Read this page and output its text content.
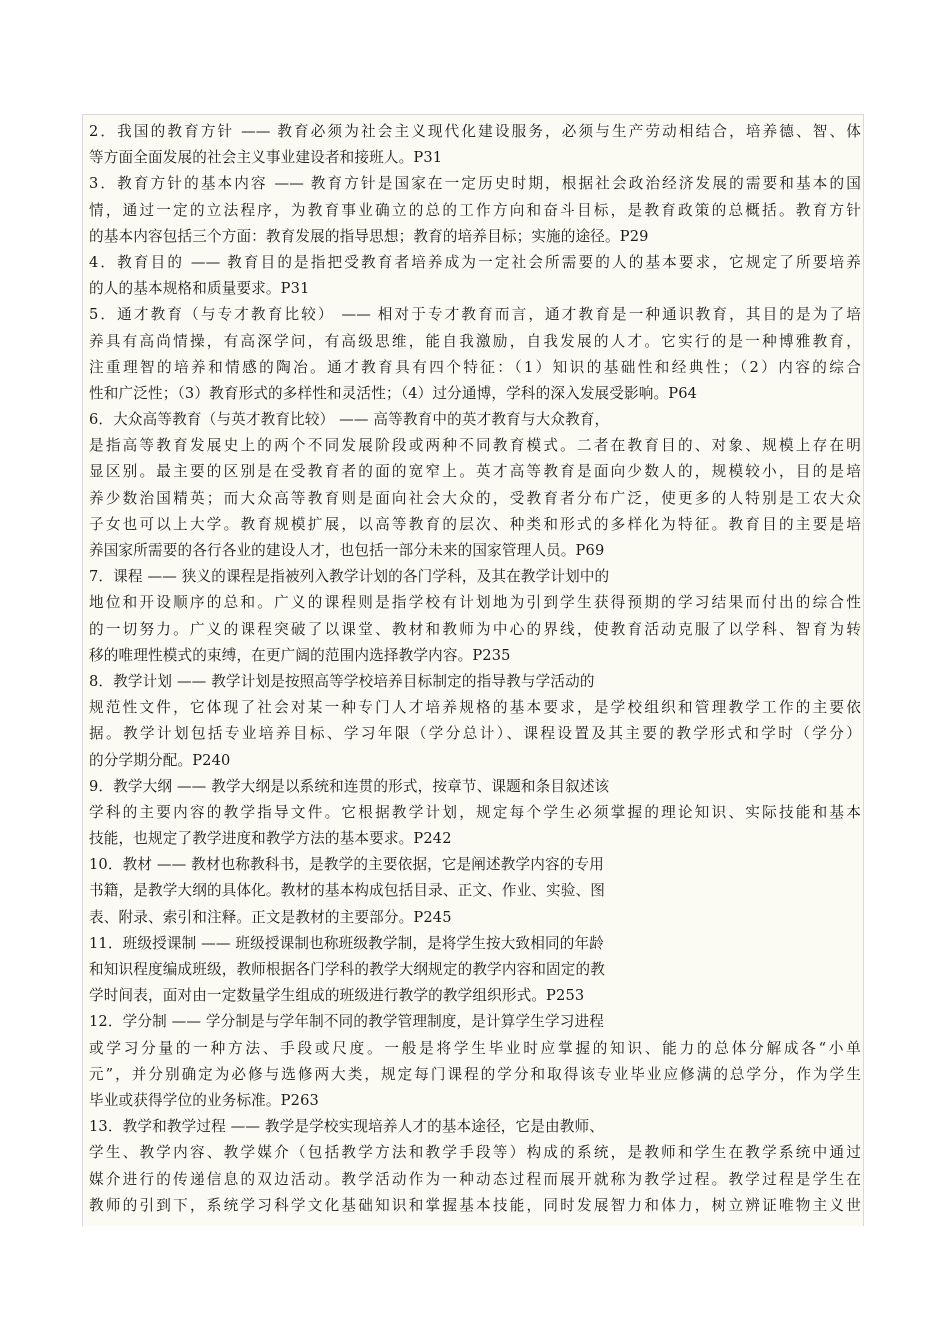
2．我国的教育方针 —— 教育必须为社会主义现代化建设服务，必须与生产劳动相结合，培养德、智、体
等方面全面发展的社会主义事业建设者和接班人。P31
3．教育方针的基本内容 —— 教育方针是国家在一定历史时期，根据社会政治经济发展的需要和基本的国
情，通过一定的立法程序，为教育事业确立的总的工作方向和奋斗目标，是教育政策的总概括。教育方针
的基本内容包括三个方面：教育发展的指导思想；教育的培养目标；实施的途径。P29
4．教育目的 —— 教育目的是指把受教育者培养成为一定社会所需要的人的基本要求，它规定了所要培养
的人的基本规格和质量要求。P31
5．通才教育（与专才教育比较） —— 相对于专才教育而言，通才教育是一种通识教育，其目的是为了培
养具有高尚情操，有高深学问，有高级思维，能自我激励，自我发展的人才。它实行的是一种博雅教育，
注重理智的培养和情感的陶冶。通才教育具有四个特征：（1）知识的基础性和经典性；（2）内容的综合
性和广泛性；（3）教育形式的多样性和灵活性；（4）过分通博，学科的深入发展受影响。P64
6．大众高等教育（与英才教育比较） —— 高等教育中的英才教育与大众教育，
是指高等教育发展史上的两个不同发展阶段或两种不同教育模式。二者在教育目的、对象、规模上存在明
显区别。最主要的区别是在受教育者的面的宽窄上。英才高等教育是面向少数人的，规模较小，目的是培
养少数治国精英；而大众高等教育则是面向社会大众的，受教育者分布广泛，使更多的人特别是工农大众
子女也可以上大学。教育规模扩展，以高等教育的层次、种类和形式的多样化为特征。教育目的主要是培
养国家所需要的各行各业的建设人才，也包括一部分未来的国家管理人员。P69
7．课程 —— 狭义的课程是指被列入教学计划的各门学科，及其在教学计划中的
地位和开设顺序的总和。广义的课程则是指学校有计划地为引到学生获得预期的学习结果而付出的综合性
的一切努力。广义的课程突破了以课堂、教材和教师为中心的界线，使教育活动克服了以学科、智育为转
移的唯理性模式的束缚，在更广阔的范围内选择教学内容。P235
8．教学计划 —— 教学计划是按照高等学校培养目标制定的指导教与学活动的
规范性文件，它体现了社会对某一种专门人才培养规格的基本要求，是学校组织和管理教学工作的主要依
据。教学计划包括专业培养目标、学习年限（学分总计）、课程设置及其主要的教学形式和学时（学分）
的分学期分配。P240
9．教学大纲 —— 教学大纲是以系统和连贯的形式，按章节、课题和条目叙述该
学科的主要内容的教学指导文件。它根据教学计划，规定每个学生必须掌握的理论知识、实际技能和基本
技能，也规定了教学进度和教学方法的基本要求。P242
10．教材 —— 教材也称教科书，是教学的主要依据，它是阐述教学内容的专用
书籍，是教学大纲的具体化。教材的基本构成包括目录、正文、作业、实验、图
表、附录、索引和注释。正文是教材的主要部分。P245
11．班级授课制 —— 班级授课制也称班级教学制，是将学生按大致相同的年龄
和知识程度编成班级，教师根据各门学科的教学大纲规定的教学内容和固定的教
学时间表，面对由一定数量学生组成的班级进行教学的教学组织形式。P253
12．学分制 —— 学分制是与学年制不同的教学管理制度，是计算学生学习进程
或学习分量的一种方法、手段或尺度。一般是将学生毕业时应掌握的知识、能力的总体分解成各“小单
元”，并分别确定为必修与选修两大类，规定每门课程的学分和取得该专业毕业应修满的总学分，作为学生
毕业或获得学位的业务标准。P263
13．教学和教学过程 —— 教学是学校实现培养人才的基本途径，它是由教师、
学生、教学内容、教学媒介（包括教学方法和教学手段等）构成的系统，是教师和学生在教学系统中通过
媒介进行的传递信息的双边活动。教学活动作为一种动态过程而展开就称为教学过程。教学过程是学生在
教师的引到下，系统学习科学文化基础知识和掌握基本技能，同时发展智力和体力，树立辨证唯物主义世
